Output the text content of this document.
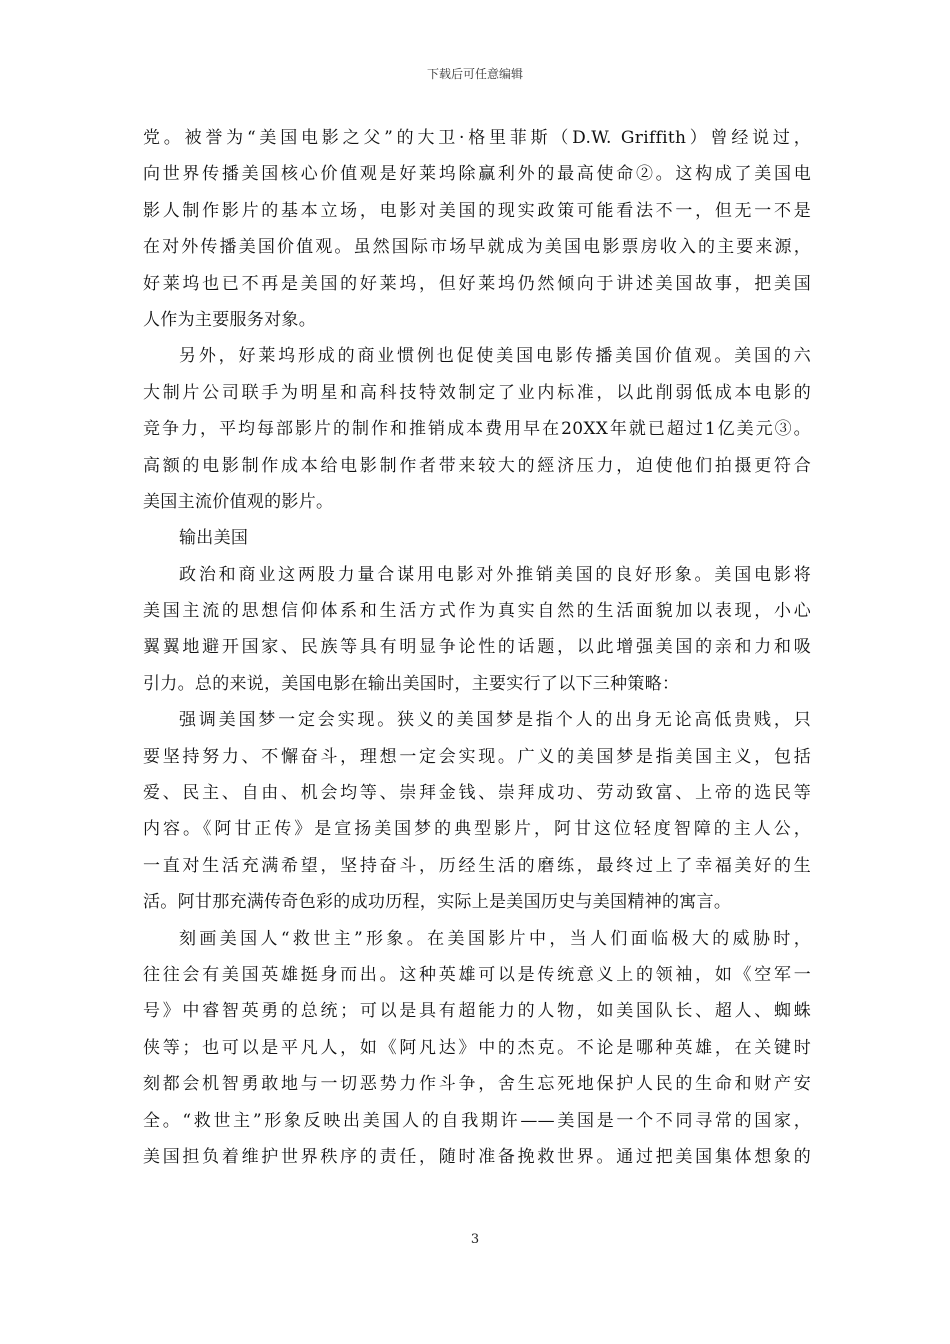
下载后可任意编辑
党。被誉为“美国电影之父”的大卫·格里菲斯（D.W. Griffith）曾经说过，
向世界传播美国核心价值观是好莱坞除赢利外的最高使命②。这构成了美国电
影人制作影片的基本立场，电影对美国的现实政策可能看法不一，但无一不是
在对外传播美国价值观。虽然国际市场早就成为美国电影票房收入的主要来源，
好莱坞也已不再是美国的好莱坞，但好莱坞仍然倾向于讲述美国故事，把美国
人作为主要服务对象。
另外，好莱坞形成的商业惯例也促使美国电影传播美国价值观。美国的六
大制片公司联手为明星和高科技特效制定了业内标准，以此削弱低成本电影的
竞争力，平均每部影片的制作和推销成本费用早在20XX年就已超过1亿美元③。
高额的电影制作成本给电影制作者带来较大的經济压力，迫使他们拍摄更符合
美国主流价值观的影片。
输出美国
政治和商业这两股力量合谋用电影对外推销美国的良好形象。美国电影将
美国主流的思想信仰体系和生活方式作为真实自然的生活面貌加以表现，小心
翼翼地避开国家、民族等具有明显争论性的话题，以此增强美国的亲和力和吸
引力。总的来说，美国电影在输出美国时，主要实行了以下三种策略：
强调美国梦一定会实现。狭义的美国梦是指个人的出身无论高低贵贱，只
要坚持努力、不懈奋斗，理想一定会实现。广义的美国梦是指美国主义，包括
爱、民主、自由、机会均等、崇拜金钱、崇拜成功、劳动致富、上帝的选民等
内容。《阿甘正传》是宣扬美国梦的典型影片，阿甘这位轻度智障的主人公，
一直对生活充满希望，坚持奋斗，历经生活的磨练，最终过上了幸福美好的生
活。阿甘那充满传奇色彩的成功历程，实际上是美国历史与美国精神的寓言。
刻画美国人“救世主”形象。在美国影片中，当人们面临极大的威胁时，
往往会有美国英雄挺身而出。这种英雄可以是传统意义上的领袖，如《空军一
号》中睿智英勇的总统；可以是具有超能力的人物，如美国队长、超人、蜘蛛
侠等；也可以是平凡人，如《阿凡达》中的杰克。不论是哪种英雄，在关键时
刻都会机智勇敢地与一切恶势力作斗争，舍生忘死地保护人民的生命和财产安
全。“救世主”形象反映出美国人的自我期许——美国是一个不同寻常的国家，
美国担负着维护世界秩序的责任，随时准备挽救世界。通过把美国集体想象的
3
